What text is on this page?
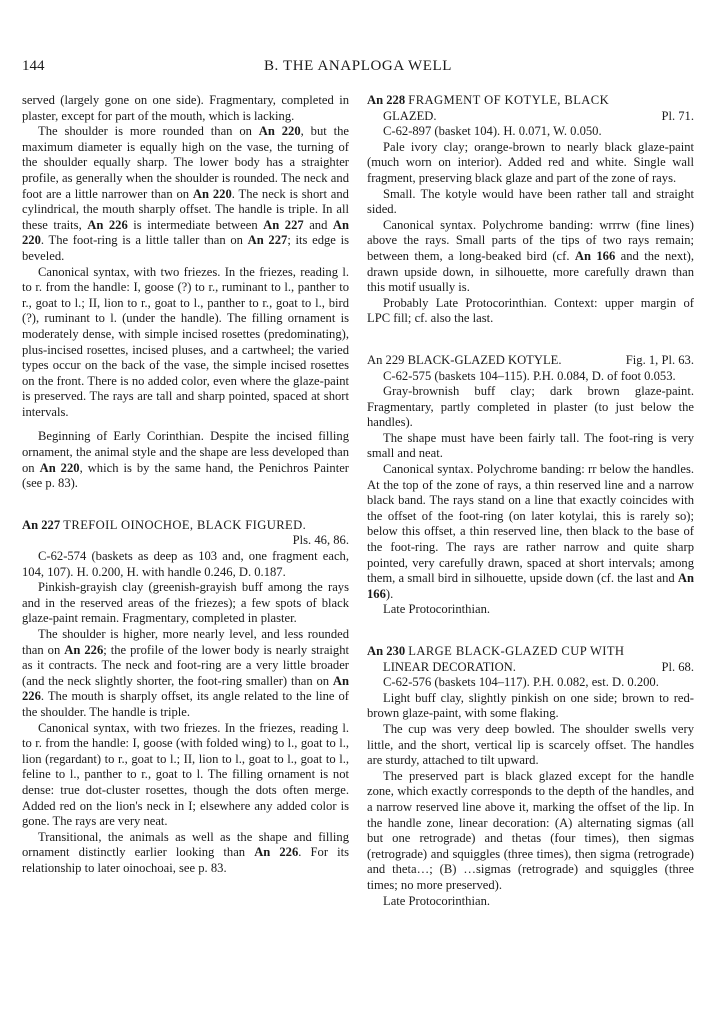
144	B. THE ANAPLOGA WELL

served (largely gone on one side). Fragmentary, completed in plaster, except for part of the mouth, which is lacking.

The shoulder is more rounded than on An 220, but the maximum diameter is equally high on the vase, the turning of the shoulder equally sharp. The lower body has a straighter profile, as generally when the shoulder is rounded. The neck and foot are a little narrower than on An 220. The neck is short and cylindrical, the mouth sharply offset. The handle is triple. In all these traits, An 226 is intermediate between An 227 and An 220. The foot-ring is a little taller than on An 227; its edge is beveled.

Canonical syntax, with two friezes. In the friezes, reading l. to r. from the handle: I, goose (?) to r., ruminant to l., panther to r., goat to l.; II, lion to r., goat to l., panther to r., goat to l., bird (?), ruminant to l. (under the handle). The filling ornament is moderately dense, with simple incised rosettes (predominating), plus-incised rosettes, incised pluses, and a cartwheel; the varied types occur on the back of the vase, the simple incised rosettes on the front. There is no added color, even where the glaze-paint is preserved. The rays are tall and sharp pointed, spaced at short intervals.

Beginning of Early Corinthian. Despite the incised filling ornament, the animal style and the shape are less developed than on An 220, which is by the same hand, the Penichros Painter (see p. 83).

An 227 TREFOIL OINOCHOE, BLACK FIGURED.

Pls. 46, 86.

C-62-574 (baskets as deep as 103 and, one fragment each, 104, 107). H. 0.200, H. with handle 0.246, D. 0.187.

Pinkish-grayish clay (greenish-grayish buff among the rays and in the reserved areas of the friezes); a few spots of black glaze-paint remain. Fragmentary, completed in plaster.

The shoulder is higher, more nearly level, and less rounded than on An 226; the profile of the lower body is nearly straight as it contracts. The neck and foot-ring are a very little broader (and the neck slightly shorter, the foot-ring smaller) than on An 226. The mouth is sharply offset, its angle related to the line of the shoulder. The handle is triple.

Canonical syntax, with two friezes. In the friezes, reading l. to r. from the handle: I, goose (with folded wing) to l., goat to l., lion (regardant) to r., goat to l.; II, lion to l., goat to l., goat to l., feline to l., panther to r., goat to l. The filling ornament is not dense: true dot-cluster rosettes, though the dots often merge. Added red on the lion's neck in I; elsewhere any added color is gone. The rays are very neat.

Transitional, the animals as well as the shape and filling ornament distinctly earlier looking than An 226. For its relationship to later oinochoai, see p. 83.

An 228 FRAGMENT OF KOTYLE, BLACK

GLAZED.	Pl. 71.

C-62-897 (basket 104). H. 0.071, W. 0.050.

Pale ivory clay; orange-brown to nearly black glaze-paint (much worn on interior). Added red and white. Single wall fragment, preserving black glaze and part of the zone of rays.

Small. The kotyle would have been rather tall and straight sided.

Canonical syntax. Polychrome banding: wrrrw (fine lines) above the rays. Small parts of the tips of two rays remain; between them, a long-beaked bird (cf. An 166 and the next), drawn upside down, in silhouette, more carefully drawn than this motif usually is.

Probably Late Protocorinthian. Context: upper margin of LPC fill; cf. also the last.

An 229 BLACK-GLAZED KOTYLE.	Fig. 1, Pl. 63.

C-62-575 (baskets 104–115). P.H. 0.084, D. of foot 0.053.

Gray-brownish buff clay; dark brown glaze-paint. Fragmentary, partly completed in plaster (to just below the handles).

The shape must have been fairly tall. The foot-ring is very small and neat.

Canonical syntax. Polychrome banding: rr below the handles. At the top of the zone of rays, a thin reserved line and a narrow black band. The rays stand on a line that exactly coincides with the offset of the foot-ring (on later kotylai, this is rarely so); below this offset, a thin reserved line, then black to the base of the foot-ring. The rays are rather narrow and quite sharp pointed, very carefully drawn, spaced at short intervals; among them, a small bird in silhouette, upside down (cf. the last and An 166).

Late Protocorinthian.

An 230 LARGE BLACK-GLAZED CUP WITH

LINEAR DECORATION.	Pl. 68.

C-62-576 (baskets 104–117). P.H. 0.082, est. D. 0.200.

Light buff clay, slightly pinkish on one side; brown to red-brown glaze-paint, with some flaking.

The cup was very deep bowled. The shoulder swells very little, and the short, vertical lip is scarcely offset. The handles are sturdy, attached to tilt upward.

The preserved part is black glazed except for the handle zone, which exactly corresponds to the depth of the handles, and a narrow reserved line above it, marking the offset of the lip. In the handle zone, linear decoration: (A) alternating sigmas (all but one retrograde) and thetas (four times), then sigmas (retrograde) and squiggles (three times), then sigma (retrograde) and theta…; (B) …sigmas (retrograde) and squiggles (three times; no more preserved).

Late Protocorinthian.
